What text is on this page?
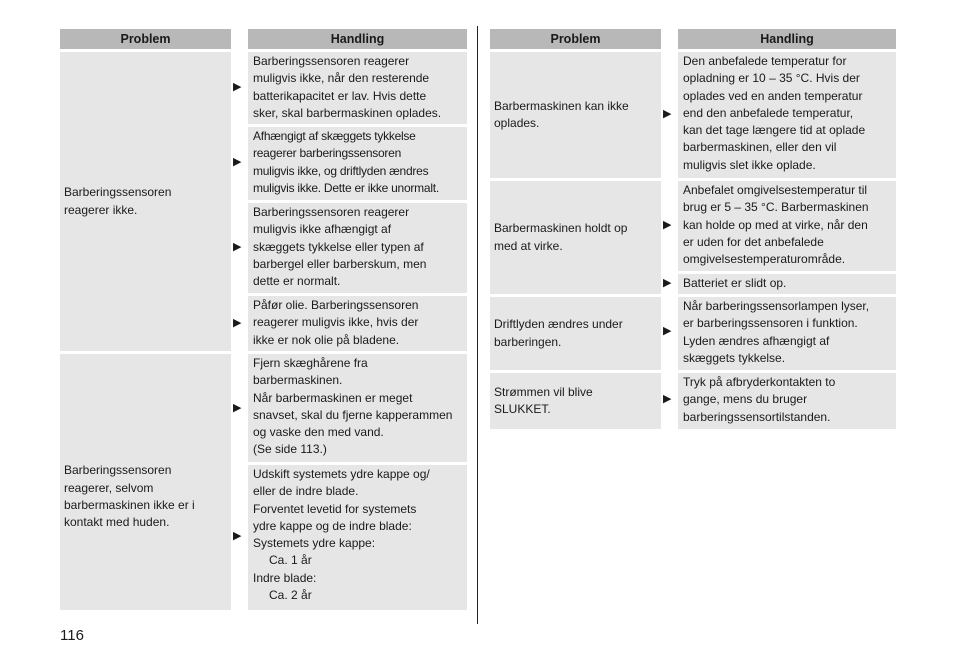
Problem	Handling
Barberingssensoren
reagerer ikke.
Barberingssensoren
reagerer, selvom
barbermaskinen ikke er i
kontakt med huden.
Barberingssensoren reagerer
muligvis ikke, når den resterende
batterikapacitet er lav. Hvis dette
sker, skal barbermaskinen oplades.
Afhængigt af skæggets tykkelse
reagerer barberingssensoren
muligvis ikke, og driftlyden ændres
muligvis ikke. Dette er ikke unormalt.
Barberingssensoren reagerer
muligvis ikke afhængigt af
skæggets tykkelse eller typen af
barbergel eller barberskum, men
dette er normalt.
Påfør olie. Barberingssensoren
reagerer muligvis ikke, hvis der
ikke er nok olie på bladene.
Fjern skæghårene fra
barbermaskinen.
Når barbermaskinen er meget
snavset, skal du fjerne kapperammen
og vaske den med vand.
(Se side 113.)
Udskift systemets ydre kappe og/
eller de indre blade.
Forventet levetid for systemets
ydre kappe og de indre blade:
Systemets ydre kappe:
Ca. 1 år
Indre blade:
Ca. 2 år
▶
▶
▶
▶
▶
▶
Problem	Handling
Barbermaskinen kan ikke
oplades.
Barbermaskinen holdt op
med at virke.
Driftlyden ændres under
barberingen.
Strømmen vil blive
SLUKKET.
Den anbefalede temperatur for
opladning er 10 – 35 °C. Hvis der
oplades ved en anden temperatur
end den anbefalede temperatur,
kan det tage længere tid at oplade
barbermaskinen, eller den vil
muligvis slet ikke oplade.
Anbefalet omgivelsestemperatur til
brug er 5 – 35 °C. Barbermaskinen
kan holde op med at virke, når den
er uden for det anbefalede
omgivelsestemperaturområde.
Batteriet er slidt op.
Når barberingssensorlampen lyser,
er barberingssensoren i funktion.
Lyden ændres afhængigt af
skæggets tykkelse.
Tryk på afbryderkontakten to
gange, mens du bruger
barberingssensortilstanden.
▶
▶
▶
▶
▶
116
